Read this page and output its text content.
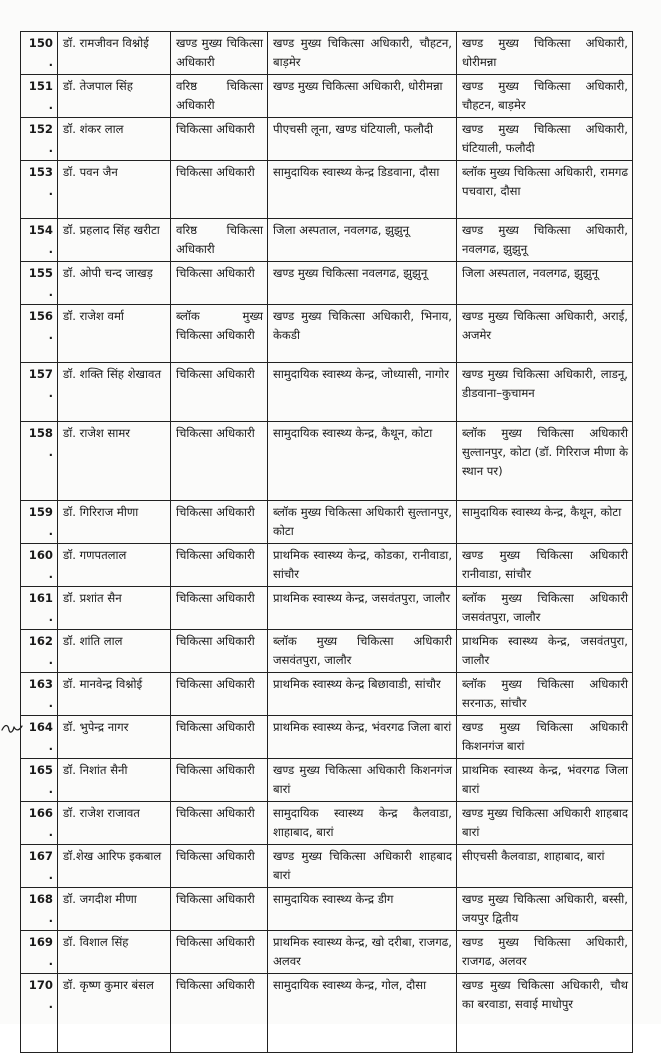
150.	डॉ. रामजीवन विश्नोई	खण्ड मुख्य चिकित्सा अधिकारी	खण्ड मुख्य चिकित्सा अधिकारी, चौहटन, बाड़मेर	खण्ड मुख्य चिकित्सा अधिकारी, धोरीमन्ना
151.	डॉ. तेजपाल सिंह	वरिष्ठ चिकित्सा अधिकारी	खण्ड मुख्य चिकित्सा अधिकारी, धोरीमन्ना	खण्ड मुख्य चिकित्सा अधिकारी, चौहटन, बाड़मेर
152.	डॉ. शंकर लाल	चिकित्सा अधिकारी	पीएचसी लूना, खण्ड घंटियाली, फलौदी	खण्ड मुख्य चिकित्सा अधिकारी, घंटियाली, फलौदी
153.	डॉ. पवन जैन	चिकित्सा अधिकारी	सामुदायिक स्वास्थ्य केन्द्र डिडवाना, दौसा	ब्लॉक मुख्य चिकित्सा अधिकारी, रामगढ पचवारा, दौसा
154.	डॉ. प्रहलाद सिंह खरीटा	वरिष्ठ चिकित्सा अधिकारी	जिला अस्पताल, नवलगढ, झुझुनू	खण्ड मुख्य चिकित्सा अधिकारी, नवलगढ, झुझुनू
155.	डॉ. ओपी चन्द जाखड़	चिकित्सा अधिकारी	खण्ड मुख्य चिकित्सा नवलगढ, झुझुनू	जिला अस्पताल, नवलगढ, झुझुनू
156.	डॉ. राजेश वर्मा	ब्लॉक मुख्य चिकित्सा अधिकारी	खण्ड मुख्य चिकित्सा अधिकारी, भिनाय, केकडी	खण्ड मुख्य चिकित्सा अधिकारी, अराई, अजमेर
157.	डॉ. शक्ति सिंह शेखावत	चिकित्सा अधिकारी	सामुदायिक स्वास्थ्य केन्द्र, जोध्यासी, नागोर	खण्ड मुख्य चिकित्सा अधिकारी, लाडनू, डीडवाना–कुचामन
158.	डॉ. राजेश सामर	चिकित्सा अधिकारी	सामुदायिक स्वास्थ्य केन्द्र, कैथून, कोटा	ब्लॉक मुख्य चिकित्सा अधिकारी सुल्तानपुर, कोटा (डॉ. गिरिराज मीणा के स्थान पर)
159.	डॉ. गिरिराज मीणा	चिकित्सा अधिकारी	ब्लॉक मुख्य चिकित्सा अधिकारी सुल्तानपुर, कोटा	सामुदायिक स्वास्थ्य केन्द्र, कैथून, कोटा
160.	डॉ. गणपतलाल	चिकित्सा अधिकारी	प्राथमिक स्वास्थ्य केन्द्र, कोडका, रानीवाडा, सांचौर	खण्ड मुख्य चिकित्सा अधिकारी रानीवाडा, सांचौर
161.	डॉ. प्रशांत सैन	चिकित्सा अधिकारी	प्राथमिक स्वास्थ्य केन्द्र, जसवंतपुरा, जालौर	ब्लॉक मुख्य चिकित्सा अधिकारी जसवंतपुरा, जालौर
162.	डॉ. शांति लाल	चिकित्सा अधिकारी	ब्लॉक मुख्य चिकित्सा अधिकारी जसवंतपुरा, जालौर	प्राथमिक स्वास्थ्य केन्द्र, जसवंतपुरा, जालौर
163.	डॉ. मानवेन्द्र विश्नोई	चिकित्सा अधिकारी	प्राथमिक स्वास्थ्य केन्द्र बिछावाडी, सांचौर	ब्लॉक मुख्य चिकित्सा अधिकारी सरनाऊ, सांचौर
164.	डॉ. भुपेन्द्र नागर	चिकित्सा अधिकारी	प्राथमिक स्वास्थ्य केन्द्र, भंवरगढ जिला बारां	खण्ड मुख्य चिकित्सा अधिकारी किशनगंज बारां
165.	डॉ. निशांत सैनी	चिकित्सा अधिकारी	खण्ड मुख्य चिकित्सा अधिकारी किशनगंज बारां	प्राथमिक स्वास्थ्य केन्द्र, भंवरगढ जिला बारां
166.	डॉ. राजेश राजावत	चिकित्सा अधिकारी	सामुदायिक स्वास्थ्य केन्द्र कैलवाडा, शाहाबाद, बारां	खण्ड मुख्य चिकित्सा अधिकारी शाहबाद बारां
167.	डॉ.शेख आरिफ इकबाल	चिकित्सा अधिकारी	खण्ड मुख्य चिकित्सा अधिकारी शाहबाद बारां	सीएचसी कैलवाडा, शाहाबाद, बारां
168.	डॉ. जगदीश मीणा	चिकित्सा अधिकारी	सामुदायिक स्वास्थ्य केन्द्र डीग	खण्ड मुख्य चिकित्सा अधिकारी, बस्सी, जयपुर द्वितीय
169.	डॉ. विशाल सिंह	चिकित्सा अधिकारी	प्राथमिक स्वास्थ्य केन्द्र, खो दरीबा, राजगढ, अलवर	खण्ड मुख्य चिकित्सा अधिकारी, राजगढ, अलवर
170.	डॉ. कृष्ण कुमार बंसल	चिकित्सा अधिकारी	सामुदायिक स्वास्थ्य केन्द्र, गोल, दौसा	खण्ड मुख्य चिकित्सा अधिकारी, चौथ का बरवाडा, सवाई माधोपुर
